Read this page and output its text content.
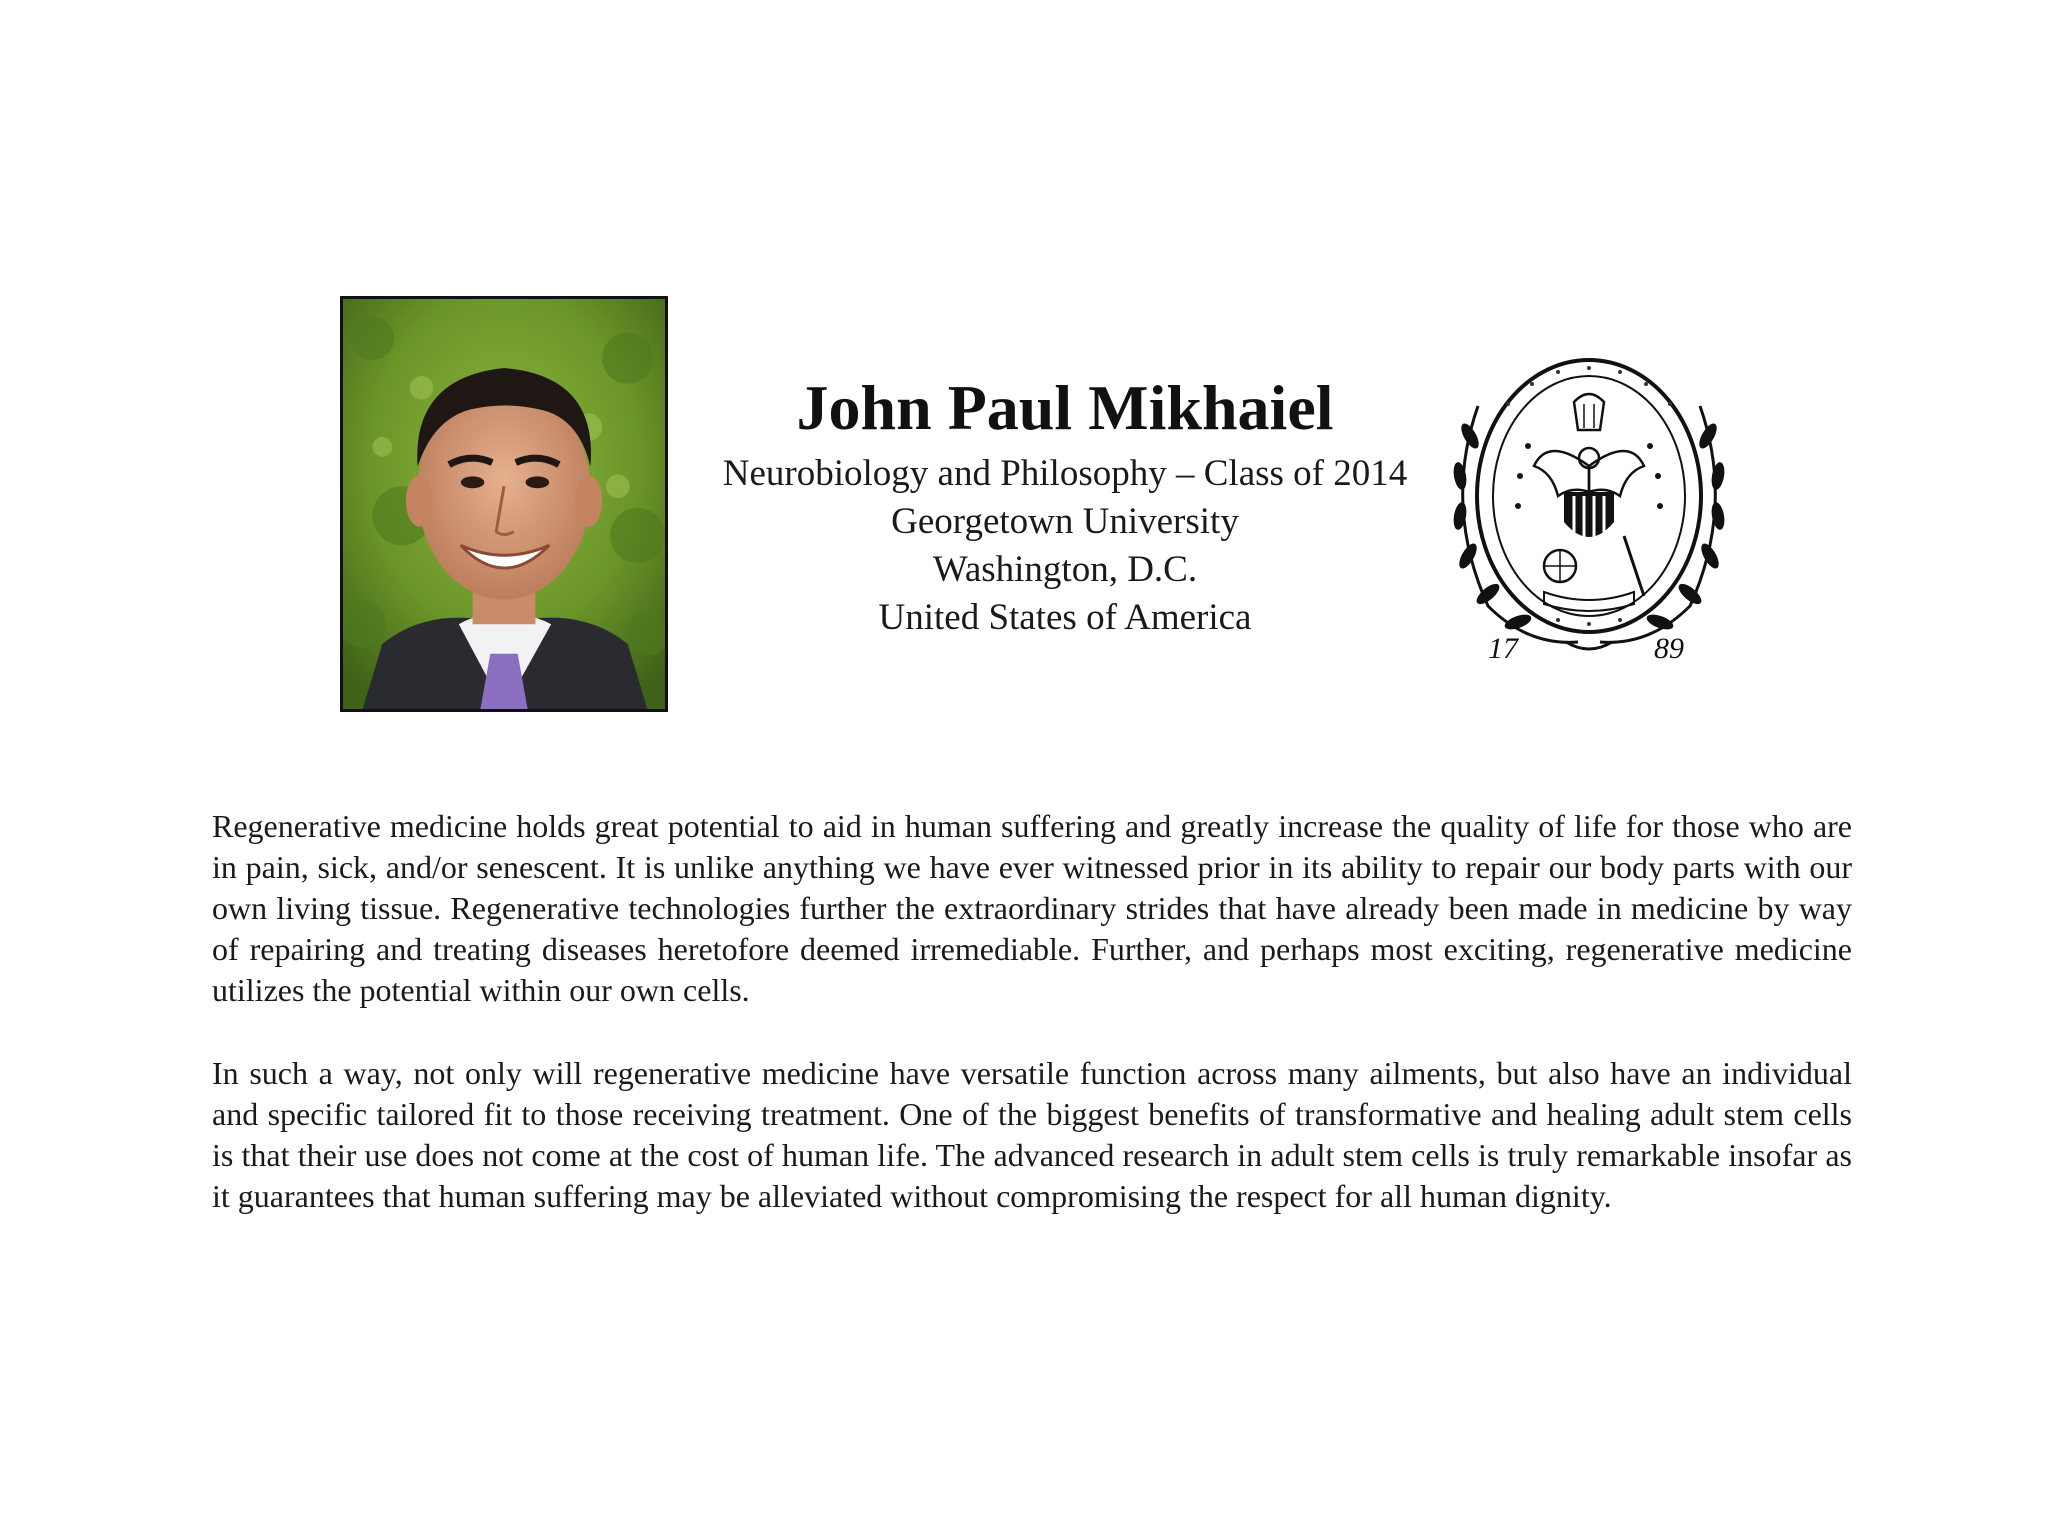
John Paul Mikhaiel
Neurobiology and Philosophy – Class of 2014
Georgetown University
Washington, D.C.
United States of America
17	89

Regenerative medicine holds great potential to aid in human suffering and greatly increase the quality of life for those who are in pain, sick, and/or senescent. It is unlike anything we have ever witnessed prior in its ability to repair our body parts with our own living tissue. Regenerative technologies further the extraordinary strides that have already been made in medicine by way of repairing and treating diseases heretofore deemed irremediable. Further, and perhaps most exciting, regenerative medicine utilizes the potential within our own cells.

In such a way, not only will regenerative medicine have versatile function across many ailments, but also have an individual and specific tailored fit to those receiving treatment. One of the biggest benefits of transformative and healing adult stem cells is that their use does not come at the cost of human life. The advanced research in adult stem cells is truly remarkable insofar as it guarantees that human suffering may be alleviated without compromising the respect for all human dignity.
